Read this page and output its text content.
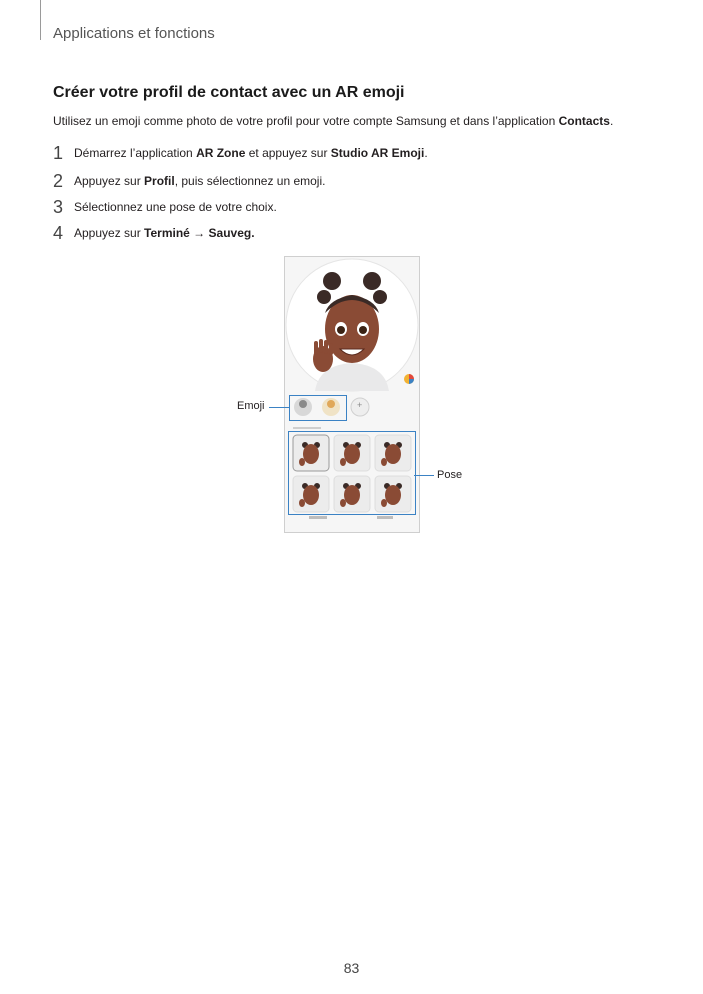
Applications et fonctions
Créer votre profil de contact avec un AR emoji
Utilisez un emoji comme photo de votre profil pour votre compte Samsung et dans l’application Contacts.
1 Démarrez l’application AR Zone et appuyez sur Studio AR Emoji.
2 Appuyez sur Profil, puis sélectionnez un emoji.
3 Sélectionnez une pose de votre choix.
4 Appuyez sur Terminé → Sauveg.
+
Emoji
Pose
83
